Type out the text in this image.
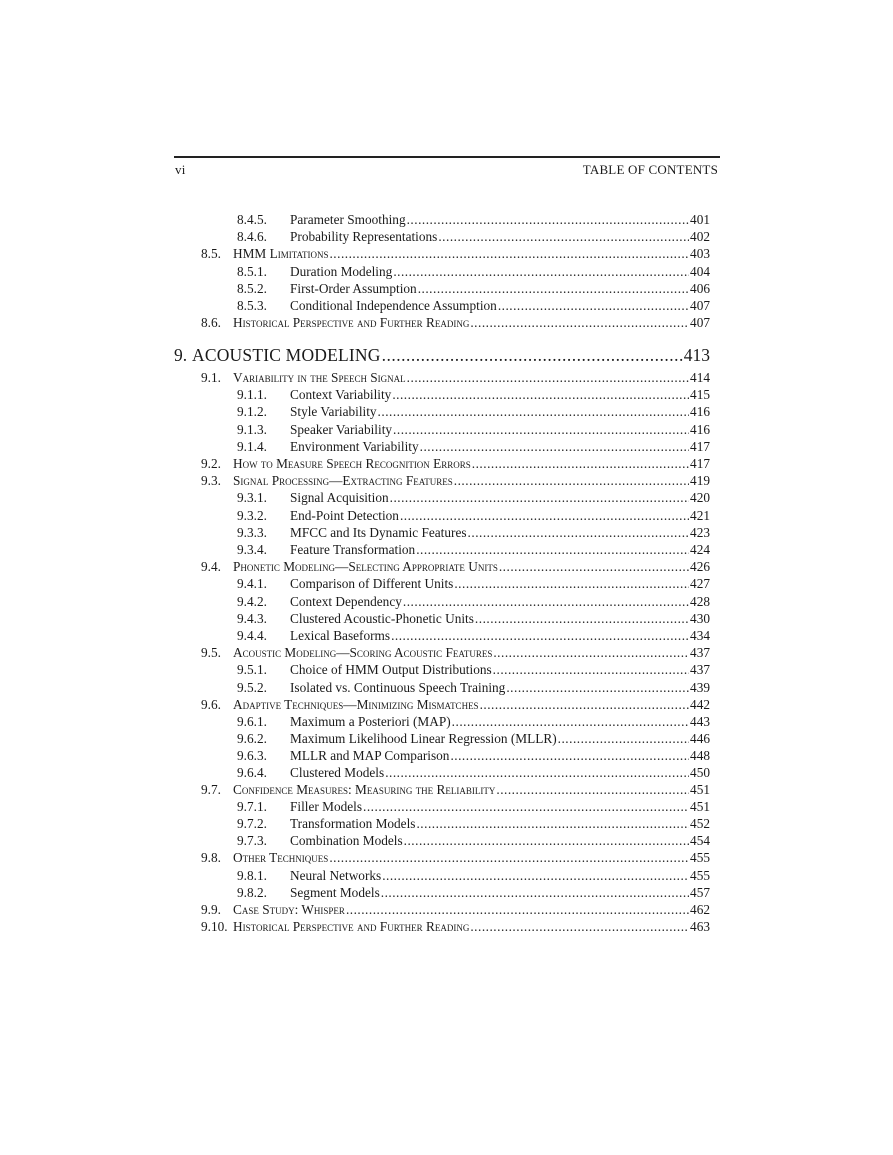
vi	TABLE OF CONTENTS
8.4.5.	Parameter Smoothing .....	401
8.4.6.	Probability Representations .....	402
8.5. HMM Limitations .....	403
8.5.1.	Duration Modeling .....	404
8.5.2.	First-Order Assumption .....	406
8.5.3.	Conditional Independence Assumption .....	407
8.6. Historical Perspective and Further Reading .....	407
9. ACOUSTIC MODELING .....	413
9.1. Variability in the Speech Signal .....	414
9.1.1.	Context Variability .....	415
9.1.2.	Style Variability .....	416
9.1.3.	Speaker Variability .....	416
9.1.4.	Environment Variability .....	417
9.2. How to Measure Speech Recognition Errors .....	417
9.3. Signal Processing—Extracting Features .....	419
9.3.1.	Signal Acquisition .....	420
9.3.2.	End-Point Detection .....	421
9.3.3.	MFCC and Its Dynamic Features .....	423
9.3.4.	Feature Transformation .....	424
9.4. Phonetic Modeling—Selecting Appropriate Units .....	426
9.4.1.	Comparison of Different Units .....	427
9.4.2.	Context Dependency .....	428
9.4.3.	Clustered Acoustic-Phonetic Units .....	430
9.4.4.	Lexical Baseforms .....	434
9.5. Acoustic Modeling—Scoring Acoustic Features .....	437
9.5.1.	Choice of HMM Output Distributions .....	437
9.5.2.	Isolated vs. Continuous Speech Training .....	439
9.6. Adaptive Techniques—Minimizing Mismatches .....	442
9.6.1.	Maximum a Posteriori (MAP) .....	443
9.6.2.	Maximum Likelihood Linear Regression (MLLR) .....	446
9.6.3.	MLLR and MAP Comparison .....	448
9.6.4.	Clustered Models .....	450
9.7. Confidence Measures: Measuring the Reliability .....	451
9.7.1.	Filler Models .....	451
9.7.2.	Transformation Models .....	452
9.7.3.	Combination Models .....	454
9.8. Other Techniques .....	455
9.8.1.	Neural Networks .....	455
9.8.2.	Segment Models .....	457
9.9. Case Study: Whisper .....	462
9.10. Historical Perspective and Further Reading .....	463
